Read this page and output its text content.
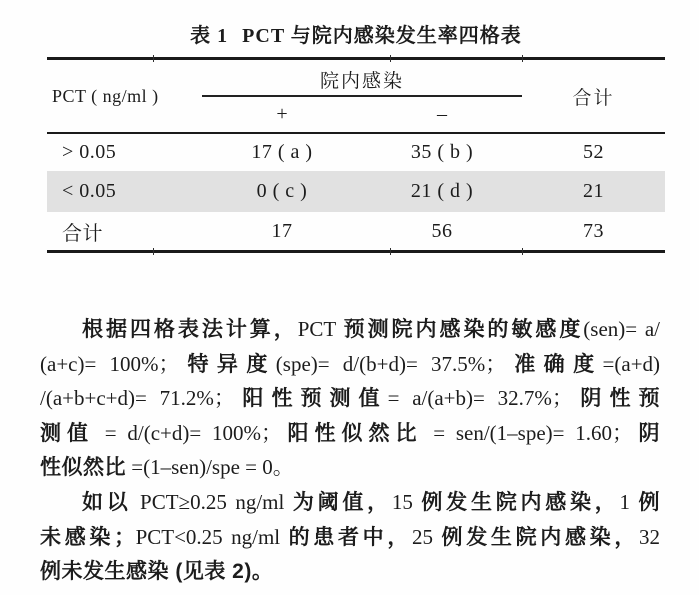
表 1 PCT 与院内感染发生率四格表
PCT ( ng/ml )
院内感染
+	–
合计
> 0.05	17 ( a )	35 ( b )	52
< 0.05	0 ( c )	21 ( d )	21
合计	17	56	73
根据四格表法计算，PCT 预测院内感染的敏感度(sen)= a/
(a+c)= 100%；特异度(spe)= d/(b+d)= 37.5%；准确度=(a+d)
/(a+b+c+d)= 71.2%；阳性预测值= a/(a+b)= 32.7%；阴性预
测值 = d/(c+d)= 100%；阳性似然比 = sen/(1–spe)= 1.60；阴
性似然比 =(1–sen)/spe = 0。
如以 PCT≥0.25 ng/ml 为阈值，15 例发生院内感染，1 例
未感染；PCT<0.25 ng/ml 的患者中，25 例发生院内感染，32
例未发生感染 (见表 2)。
